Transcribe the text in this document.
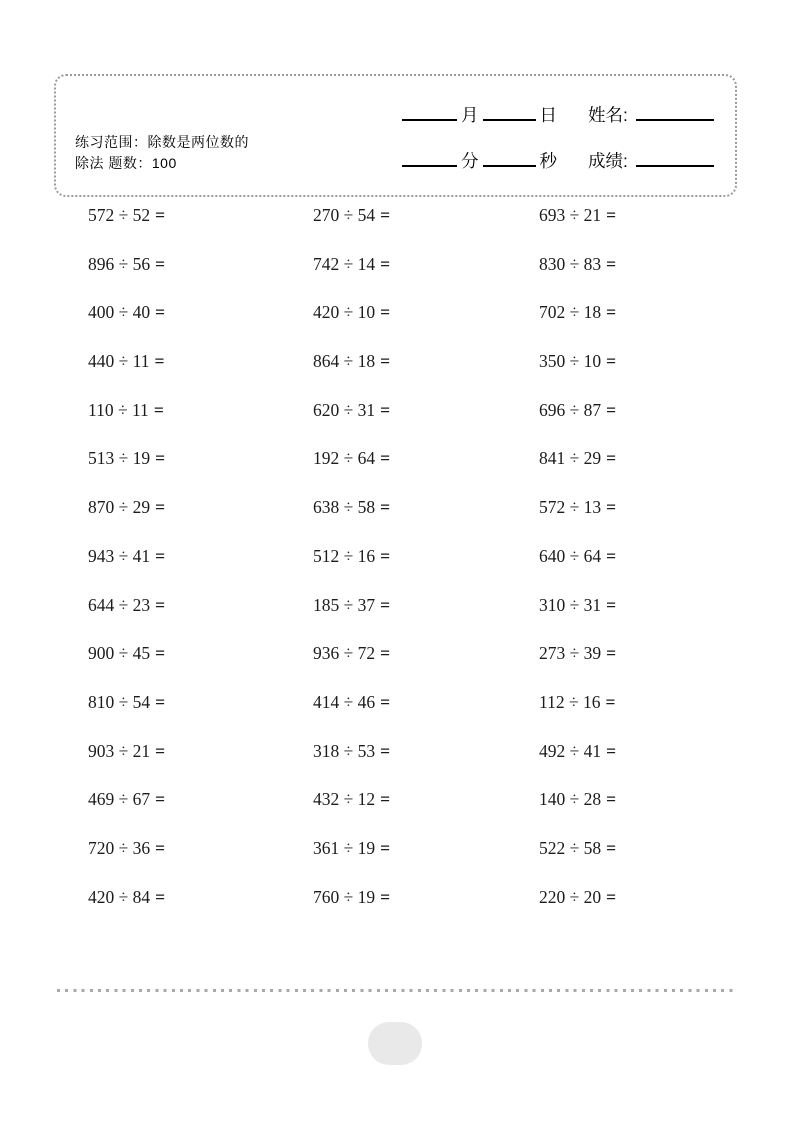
练习范围：除数是两位数的除法 题数：100
月	日 姓名:
分	秒 成绩:
572 ÷ 52 =	270 ÷ 54 =	693 ÷ 21 =
896 ÷ 56 =	742 ÷ 14 =	830 ÷ 83 =
400 ÷ 40 =	420 ÷ 10 =	702 ÷ 18 =
440 ÷ 11 =	864 ÷ 18 =	350 ÷ 10 =
110 ÷ 11 =	620 ÷ 31 =	696 ÷ 87 =
513 ÷ 19 =	192 ÷ 64 =	841 ÷ 29 =
870 ÷ 29 =	638 ÷ 58 =	572 ÷ 13 =
943 ÷ 41 =	512 ÷ 16 =	640 ÷ 64 =
644 ÷ 23 =	185 ÷ 37 =	310 ÷ 31 =
900 ÷ 45 =	936 ÷ 72 =	273 ÷ 39 =
810 ÷ 54 =	414 ÷ 46 =	112 ÷ 16 =
903 ÷ 21 =	318 ÷ 53 =	492 ÷ 41 =
469 ÷ 67 =	432 ÷ 12 =	140 ÷ 28 =
720 ÷ 36 =	361 ÷ 19 =	522 ÷ 58 =
420 ÷ 84 =	760 ÷ 19 =	220 ÷ 20 =
